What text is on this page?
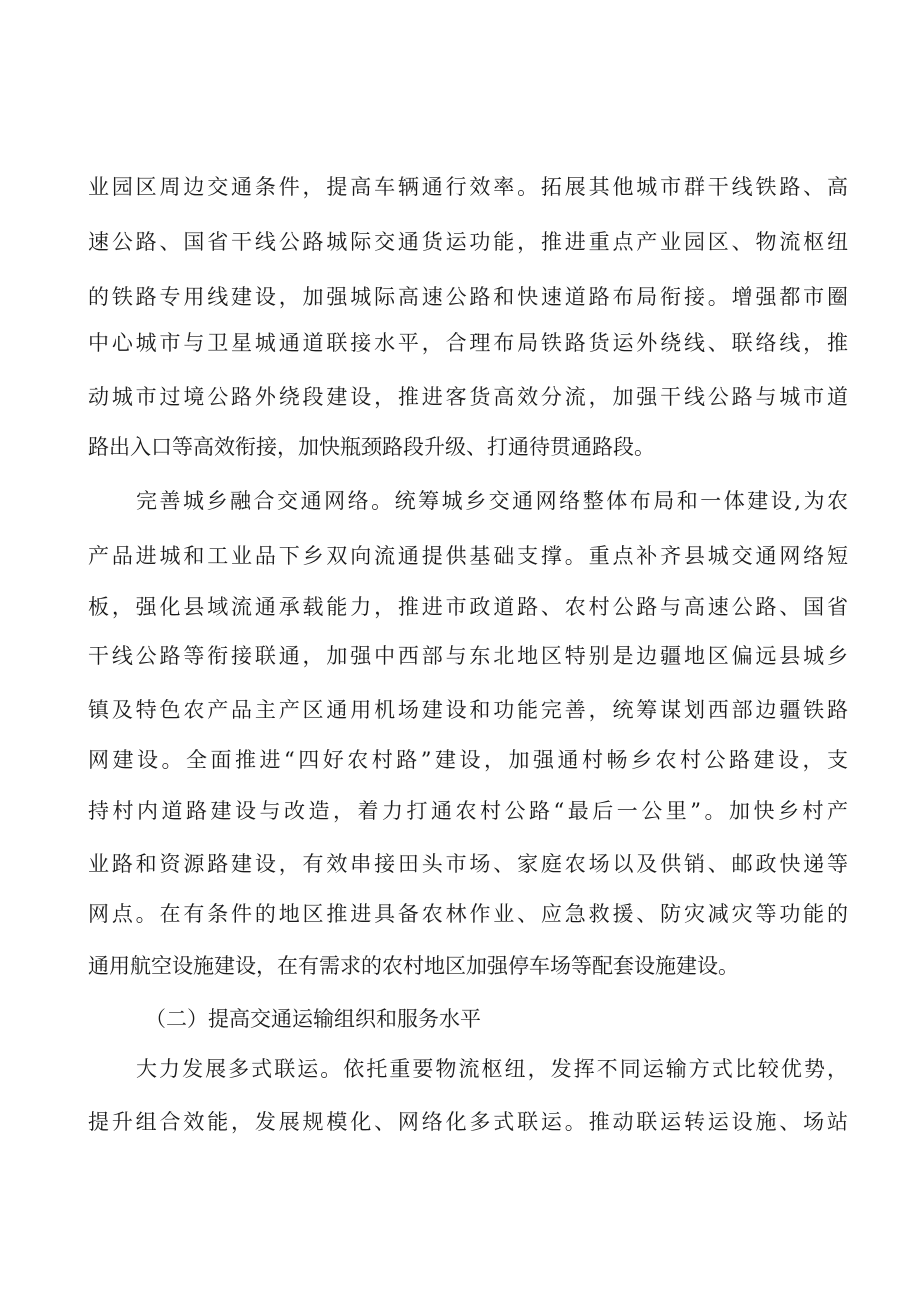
业园区周边交通条件，提高车辆通行效率。拓展其他城市群干线铁路、高
速公路、国省干线公路城际交通货运功能，推进重点产业园区、物流枢纽
的铁路专用线建设，加强城际高速公路和快速道路布局衔接。增强都市圈
中心城市与卫星城通道联接水平，合理布局铁路货运外绕线、联络线，推
动城市过境公路外绕段建设，推进客货高效分流，加强干线公路与城市道
路出入口等高效衔接，加快瓶颈路段升级、打通待贯通路段。
完善城乡融合交通网络。统筹城乡交通网络整体布局和一体建设,为农
产品进城和工业品下乡双向流通提供基础支撑。重点补齐县城交通网络短
板，强化县域流通承载能力，推进市政道路、农村公路与高速公路、国省
干线公路等衔接联通，加强中西部与东北地区特别是边疆地区偏远县城乡
镇及特色农产品主产区通用机场建设和功能完善，统筹谋划西部边疆铁路
网建设。全面推进“四好农村路”建设，加强通村畅乡农村公路建设，支
持村内道路建设与改造，着力打通农村公路“最后一公里”。加快乡村产
业路和资源路建设，有效串接田头市场、家庭农场以及供销、邮政快递等
网点。在有条件的地区推进具备农林作业、应急救援、防灾减灾等功能的
通用航空设施建设，在有需求的农村地区加强停车场等配套设施建设。
（二）提高交通运输组织和服务水平
大力发展多式联运。依托重要物流枢纽，发挥不同运输方式比较优势，
提升组合效能，发展规模化、网络化多式联运。推动联运转运设施、场站
